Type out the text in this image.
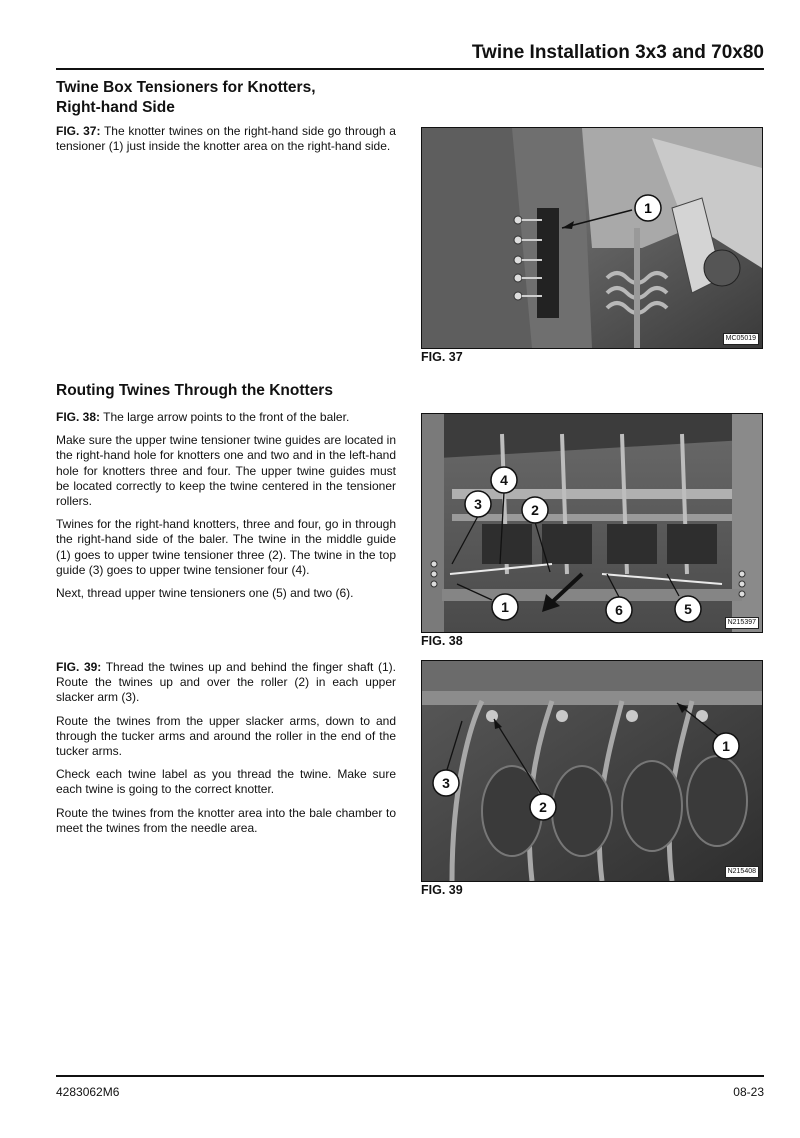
Twine Installation 3x3 and 70x80
Twine Box Tensioners for Knotters,
Right-hand Side

FIG. 37: The knotter twines on the right-hand side go through a tensioner (1) just inside the knotter area on the right-hand side.

1
MC05019
FIG. 37
Routing Twines Through the Knotters

FIG. 38: The large arrow points to the front of the baler.

Make sure the upper twine tensioner twine guides are located in the right-hand hole for knotters one and two and in the left-hand hole for knotters three and four. The upper twine guides must be located correctly to keep the twine centered in the tensioner rollers.

Twines for the right-hand knotters, three and four, go in through the right-hand side of the baler. The twine in the middle guide (1) goes to upper twine tensioner three (2). The twine in the top guide (3) goes to upper twine tensioner four (4).

Next, thread upper twine tensioners one (5) and two (6).

1
2
3
4
5
6
N215397
FIG. 38

FIG. 39: Thread the twines up and behind the finger shaft (1). Route the twines up and over the roller (2) in each upper slacker arm (3).

Route the twines from the upper slacker arms, down to and through the tucker arms and around the roller in the end of the tucker arms.

Check each twine label as you thread the twine. Make sure each twine is going to the correct knotter.

Route the twines from the knotter area into the bale chamber to meet the twines from the needle area.

1
2
3
N215408
FIG. 39
4283062M6	08-23
